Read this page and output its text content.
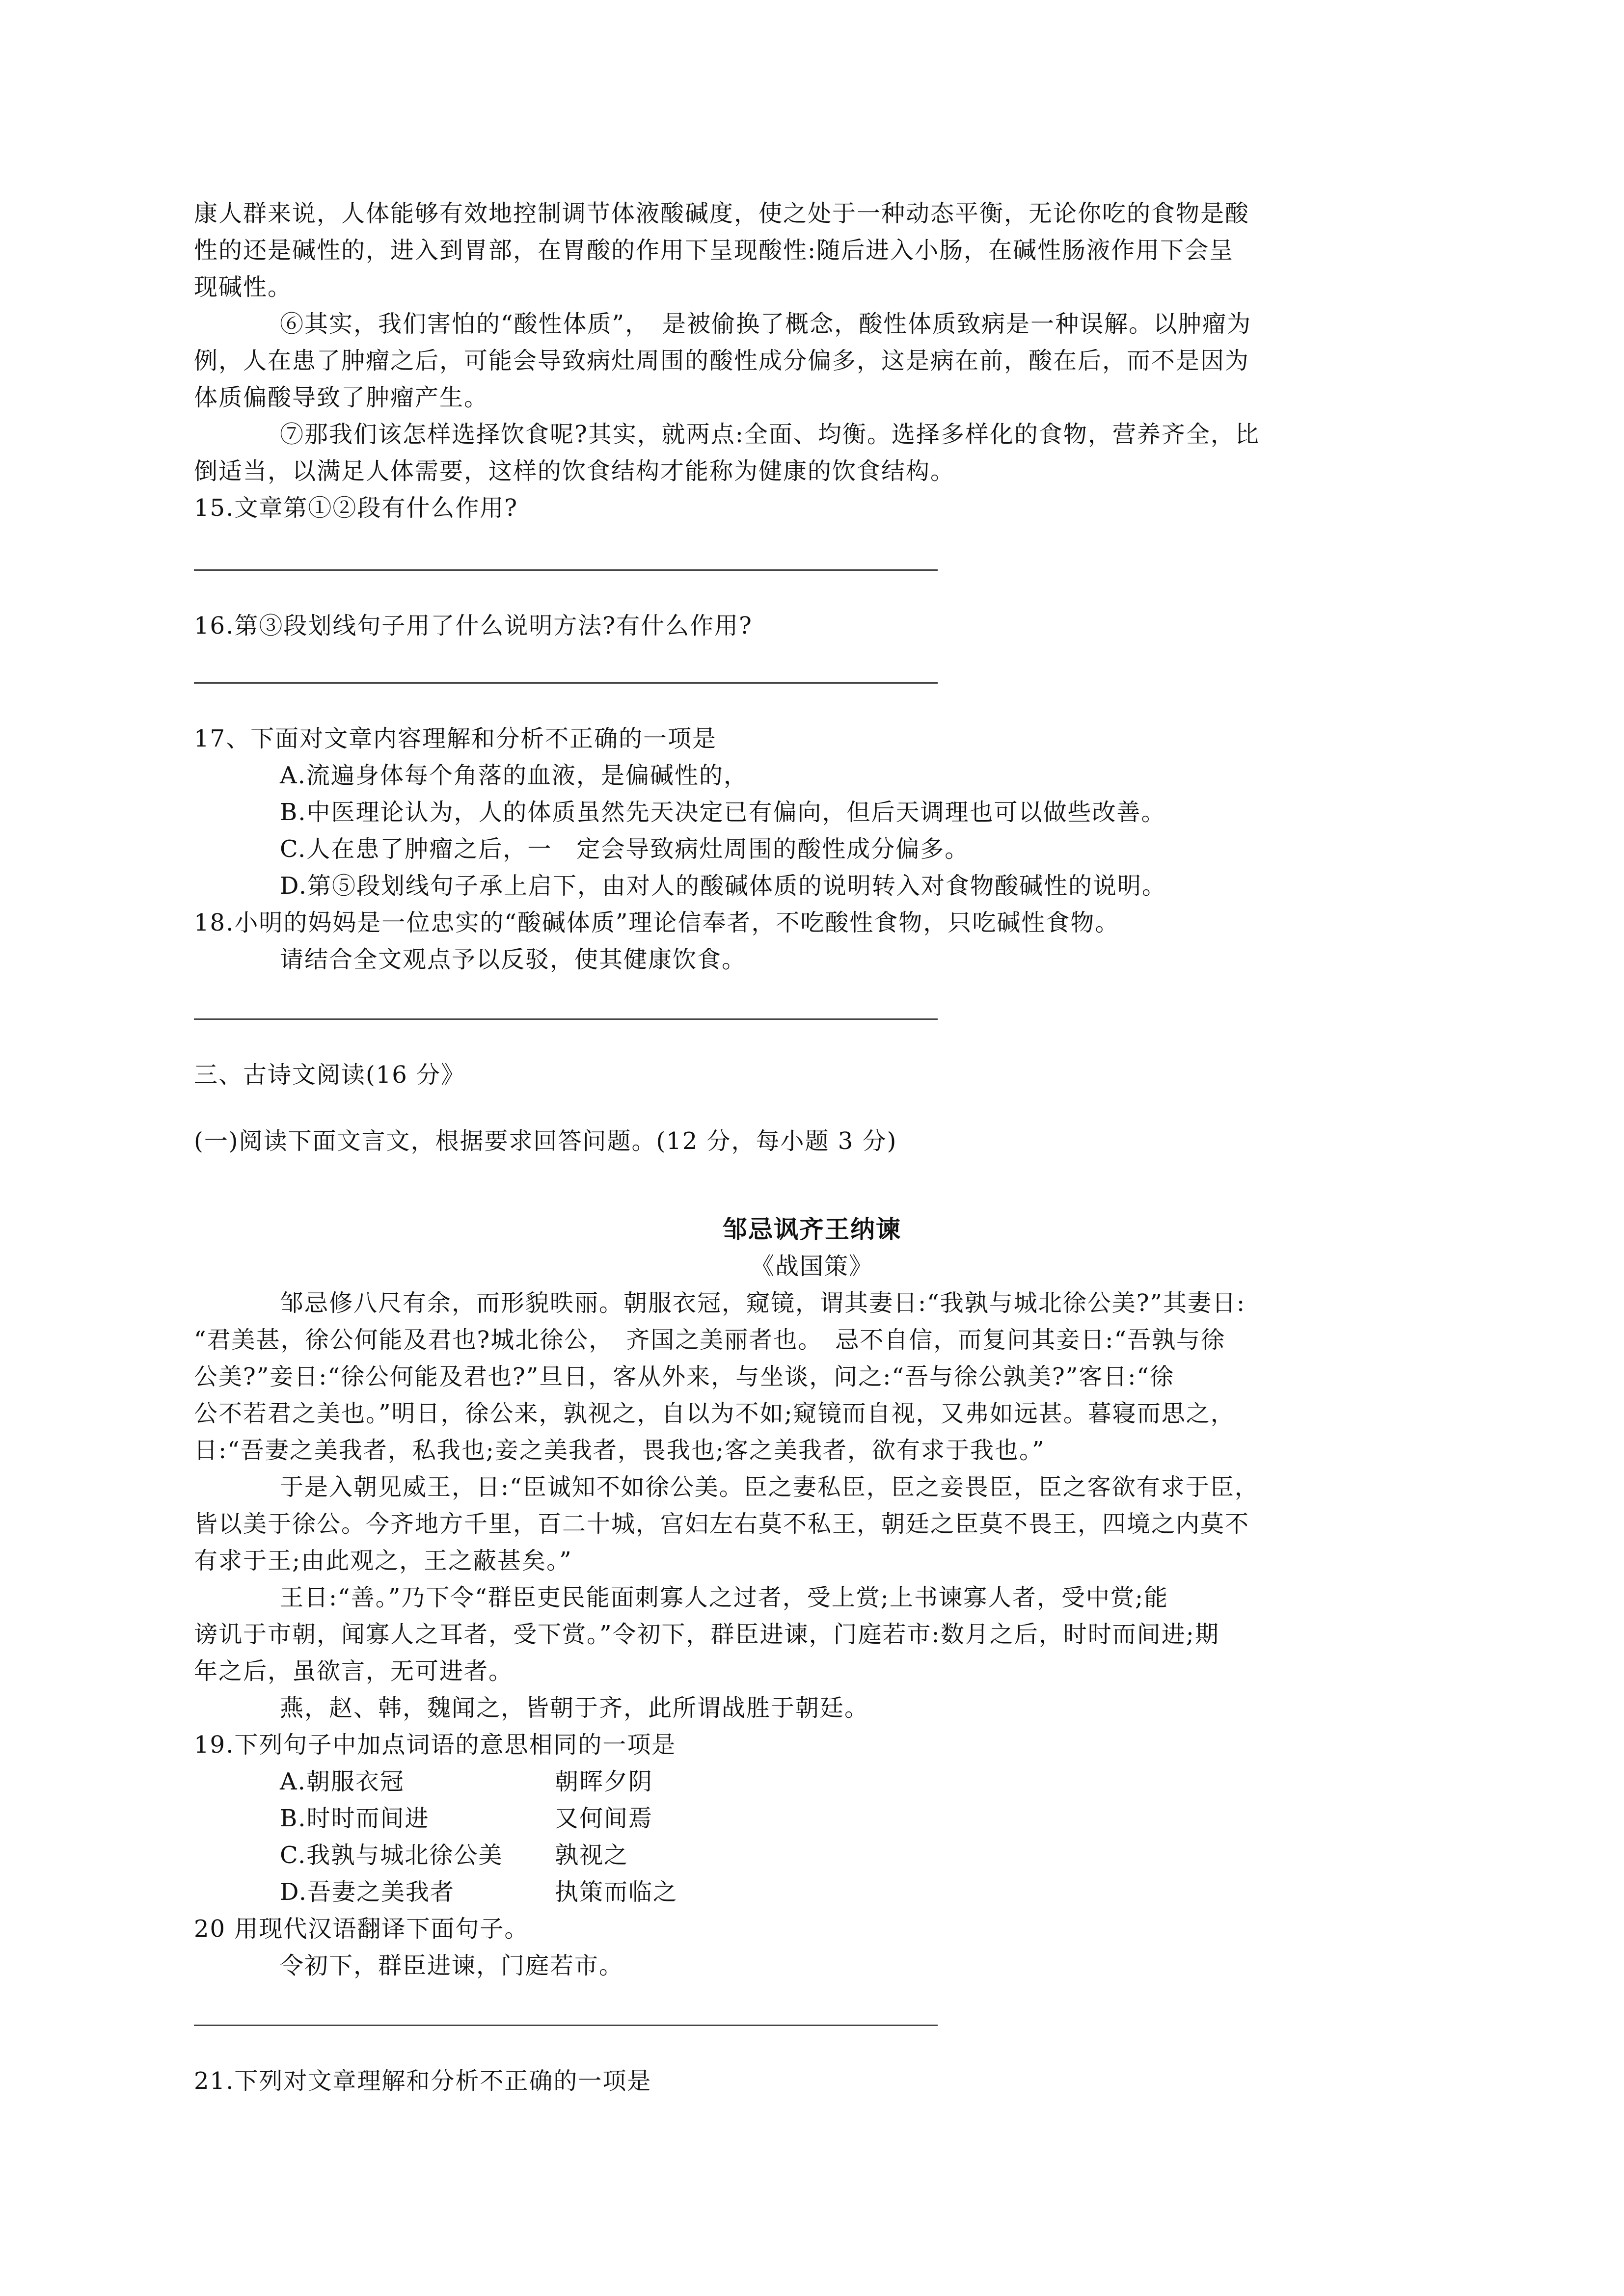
康人群来说，人体能够有效地控制调节体液酸碱度，使之处于一种动态平衡，无论你吃的食物是酸

性的还是碱性的，进入到胃部，在胃酸的作用下呈现酸性:随后进入小肠，在碱性肠液作用下会呈

现碱性。

⑥其实，我们害怕的“酸性体质”，　是被偷换了概念，酸性体质致病是一种误解。以肿瘤为

例，人在患了肿瘤之后，可能会导致病灶周围的酸性成分偏多，这是病在前，酸在后，而不是因为

体质偏酸导致了肿瘤产生。

⑦那我们该怎样选择饮食呢?其实，就两点:全面、均衡。选择多样化的食物，营养齐全，比

倒适当，以满足人体需要，这样的饮食结构才能称为健康的饮食结构。

15.文章第①②段有什么作用?

16.第③段划线句子用了什么说明方法?有什么作用?

17、下面对文章内容理解和分析不正确的一项是

A.流遍身体每个角落的血液，是偏碱性的，

B.中医理论认为，人的体质虽然先天决定已有偏向，但后天调理也可以做些改善。

C.人在患了肿瘤之后，一　定会导致病灶周围的酸性成分偏多。

D.第⑤段划线句子承上启下，由对人的酸碱体质的说明转入对食物酸碱性的说明。

18.小明的妈妈是一位忠实的“酸碱体质”理论信奉者，不吃酸性食物，只吃碱性食物。

请结合全文观点予以反驳，使其健康饮食。

三、古诗文阅读(16 分》

(一)阅读下面文言文，根据要求回答问题。(12 分，每小题 3 分)

邹忌讽齐王纳谏

《战国策》

邹忌修八尺有余，而形貌昳丽。朝服衣冠，窥镜，谓其妻日:“我孰与城北徐公美?”其妻日:

“君美甚，徐公何能及君也?城北徐公，　齐国之美丽者也。　忌不自信，而复问其妾日:“吾孰与徐

公美?”妾日:“徐公何能及君也?”旦日，客从外来，与坐谈，问之:“吾与徐公孰美?”客日:“徐

公不若君之美也。”明日，徐公来，孰视之，自以为不如;窥镜而自视，又弗如远甚。暮寝而思之，

日:“吾妻之美我者，私我也;妾之美我者，畏我也;客之美我者，欲有求于我也。”

于是入朝见威王，日:“臣诚知不如徐公美。臣之妻私臣，臣之妾畏臣，臣之客欲有求于臣，

皆以美于徐公。今齐地方千里，百二十城，宫妇左右莫不私王，朝廷之臣莫不畏王，四境之内莫不

有求于王;由此观之，王之蔽甚矣。”

王日:“善。”乃下令“群臣吏民能面刺寡人之过者，受上赏;上书谏寡人者，受中赏;能

谤讥于市朝，闻寡人之耳者，受下赏。”令初下，群臣进谏，门庭若市:数月之后，时时而间进;期

年之后，虽欲言，无可进者。

燕，赵、韩，魏闻之，皆朝于齐，此所谓战胜于朝廷。

19.下列句子中加点词语的意思相同的一项是

A.朝服衣冠	朝晖夕阴

B.时时而间进	又何间焉

C.我孰与城北徐公美 孰视之

D.吾妻之美我者	执策而临之

20 用现代汉语翻译下面句子。

令初下，群臣进谏，门庭若市。

21.下列对文章理解和分析不正确的一项是
